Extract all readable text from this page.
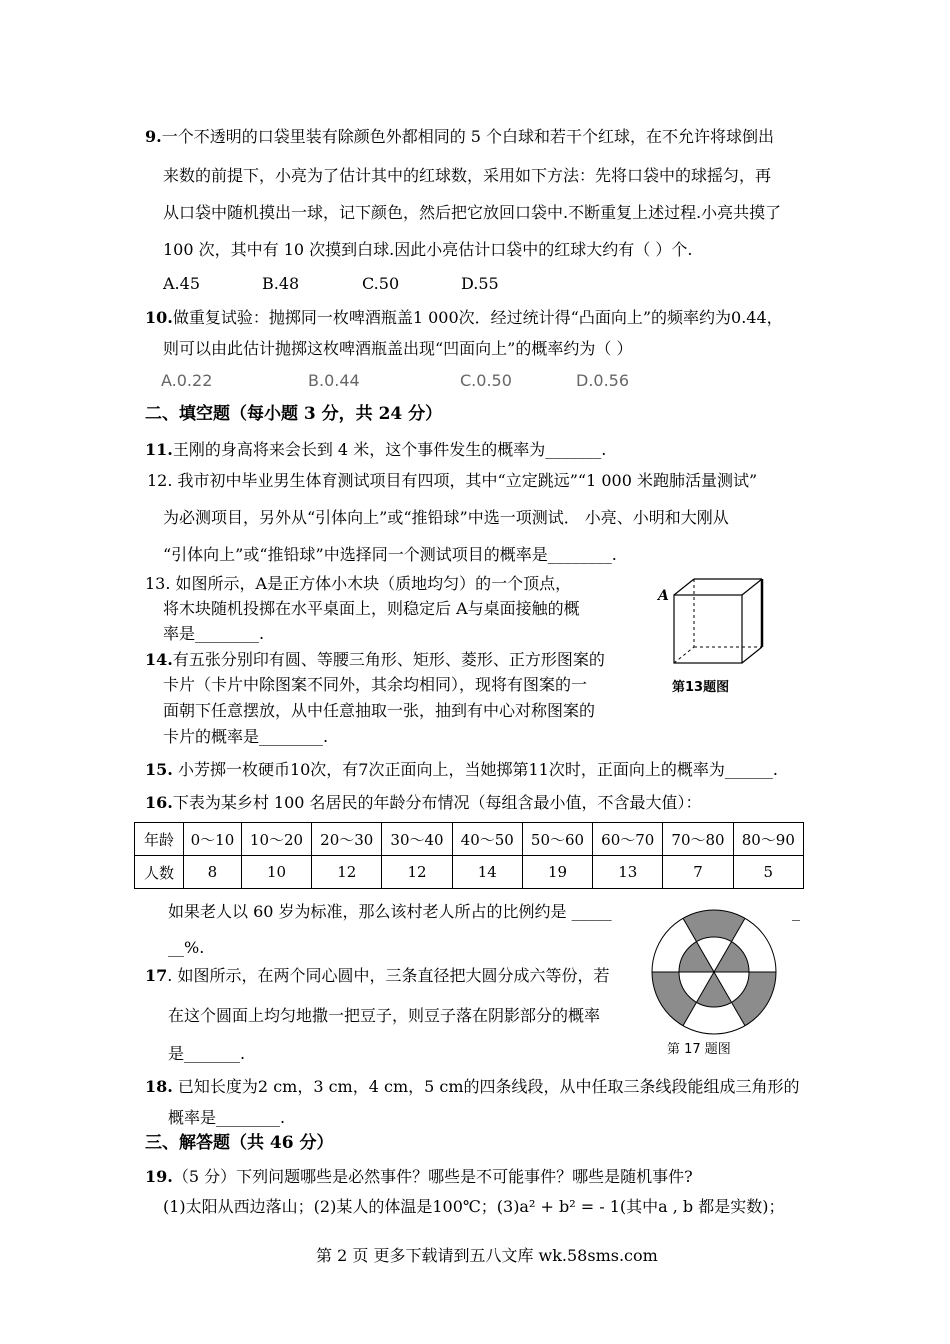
9.一个不透明的口袋里装有除颜色外都相同的 5 个白球和若干个红球，在不允许将球倒出
来数的前提下，小亮为了估计其中的红球数，采用如下方法：先将口袋中的球摇匀，再
从口袋中随机摸出一球，记下颜色，然后把它放回口袋中.不断重复上述过程.小亮共摸了
100 次，其中有 10 次摸到白球.因此小亮估计口袋中的红球大约有（ ）个.
A.45	B.48	C.50	D.55
10.做重复试验：抛掷同一枚啤酒瓶盖1 000次．经过统计得“凸面向上”的频率约为0.44，
则可以由此估计抛掷这枚啤酒瓶盖出现“凹面向上”的概率约为（ ）
A.0.22	B.0.44	C.0.50	D.0.56
二、填空题（每小题 3 分，共 24 分）
11.王刚的身高将来会长到 4 米，这个事件发生的概率为_______.
12. 我市初中毕业男生体育测试项目有四项，其中“立定跳远”“1 000 米跑肺活量测试”
为必测项目，另外从“引体向上”或“推铅球”中选一项测试． 小亮、小明和大刚从
“引体向上”或“推铅球”中选择同一个测试项目的概率是________.
13. 如图所示，A是正方体小木块（质地均匀）的一个顶点，
将木块随机投掷在水平桌面上，则稳定后 A与桌面接触的概
率是________.
A
第13题图
14.有五张分别印有圆、等腰三角形、矩形、菱形、正方形图案的
卡片（卡片中除图案不同外，其余均相同），现将有图案的一
面朝下任意摆放，从中任意抽取一张，抽到有中心对称图案的
卡片的概率是________.
15. 小芳掷一枚硬币10次，有7次正面向上，当她掷第11次时，正面向上的概率为______.
16.下表为某乡村 100 名居民的年龄分布情况（每组含最小值，不含最大值）：
年龄	0～10	10～20	20～30	30～40	40～50	50～60	60～70	70～80	80～90
人数	8	10	12	12	14	19	13	7	5
如果老人以 60 岁为标准，那么该村老人所占的比例约是 _____	_
__%.
第 17 题图
17. 如图所示，在两个同心圆中，三条直径把大圆分成六等份，若
在这个圆面上均匀地撒一把豆子，则豆子落在阴影部分的概率
是_______.
18. 已知长度为2 cm，3 cm，4 cm，5 cm的四条线段，从中任取三条线段能组成三角形的
概率是________.
三、解答题（共 46 分）
19.（5 分）下列问题哪些是必然事件？哪些是不可能事件？哪些是随机事件?
(1)太阳从西边落山；(2)某人的体温是100℃；(3)a² + b² = - 1(其中a , b 都是实数)；
第 2 页 更多下载请到五八文库 wk.58sms.com
